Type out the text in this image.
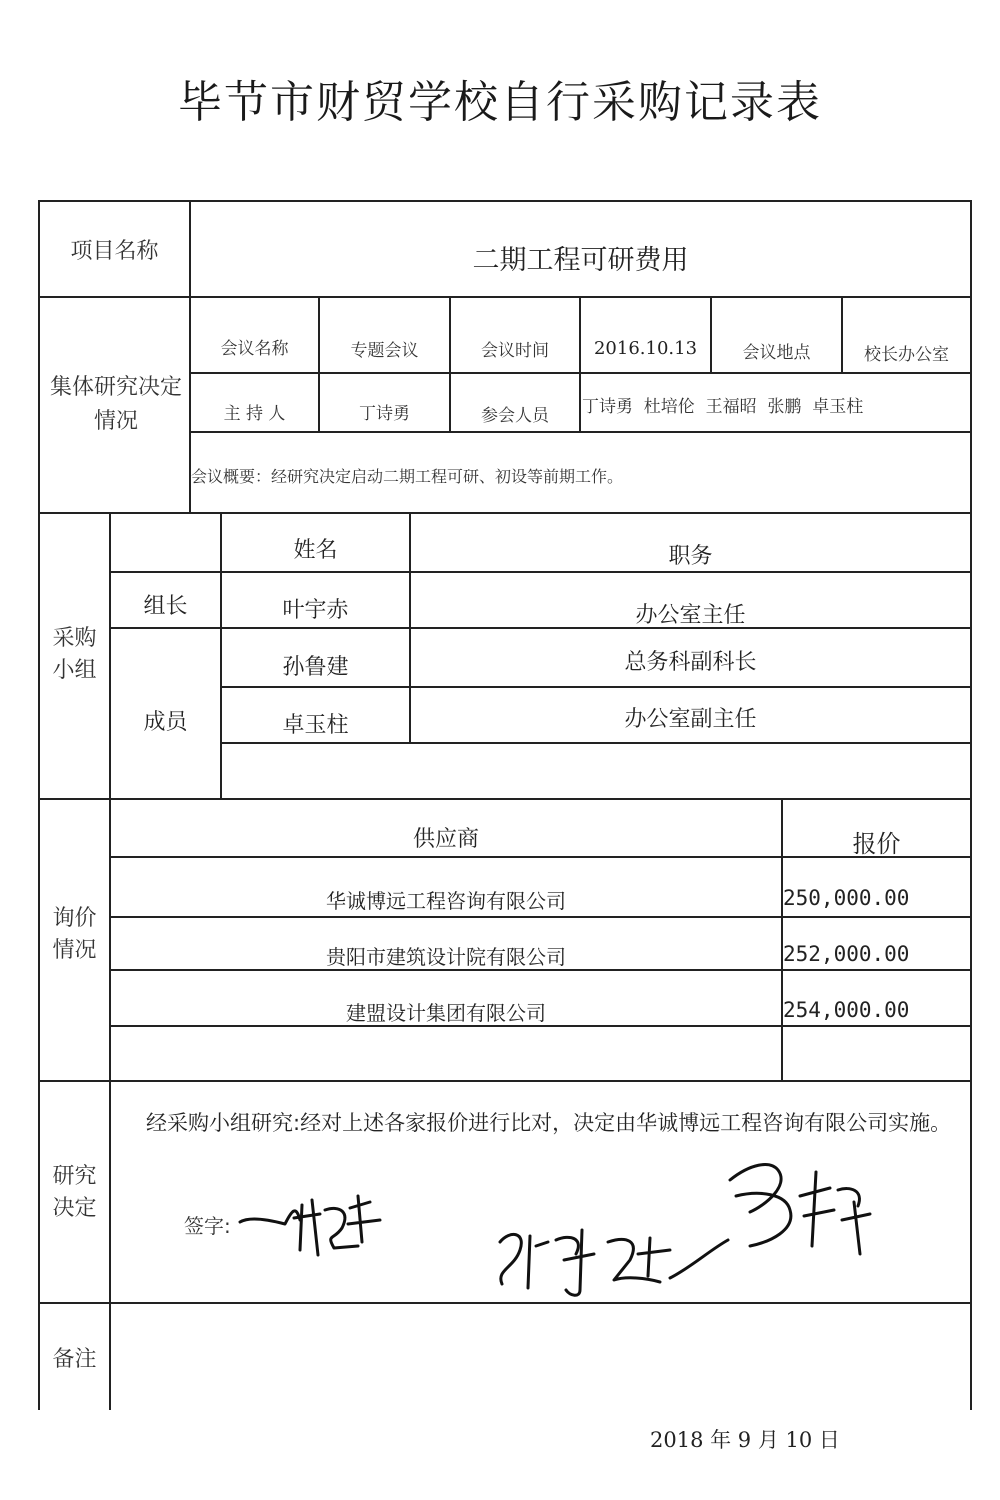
毕节市财贸学校自行采购记录表
项目名称	二期工程可研费用
集体研究决定情况
会议名称	专题会议	会议时间	2016.10.13	会议地点	校长办公室
主 持 人	丁诗勇	参会人员	丁诗勇  杜培伦  王福昭  张鹏  卓玉柱
会议概要：经研究决定启动二期工程可研、初设等前期工作。
采购小组
姓名	职务
组长	叶宇赤	办公室主任
成员
孙鲁建	总务科副科长
卓玉柱	办公室副主任
询价情况
供应商	报价
华诚博远工程咨询有限公司	250,000.00
贵阳市建筑设计院有限公司	252,000.00
建盟设计集团有限公司	254,000.00
研究决定
经采购小组研究:经对上述各家报价进行比对，决定由华诚博远工程咨询有限公司实施。
签字:
备注
2018 年 9 月 10 日
